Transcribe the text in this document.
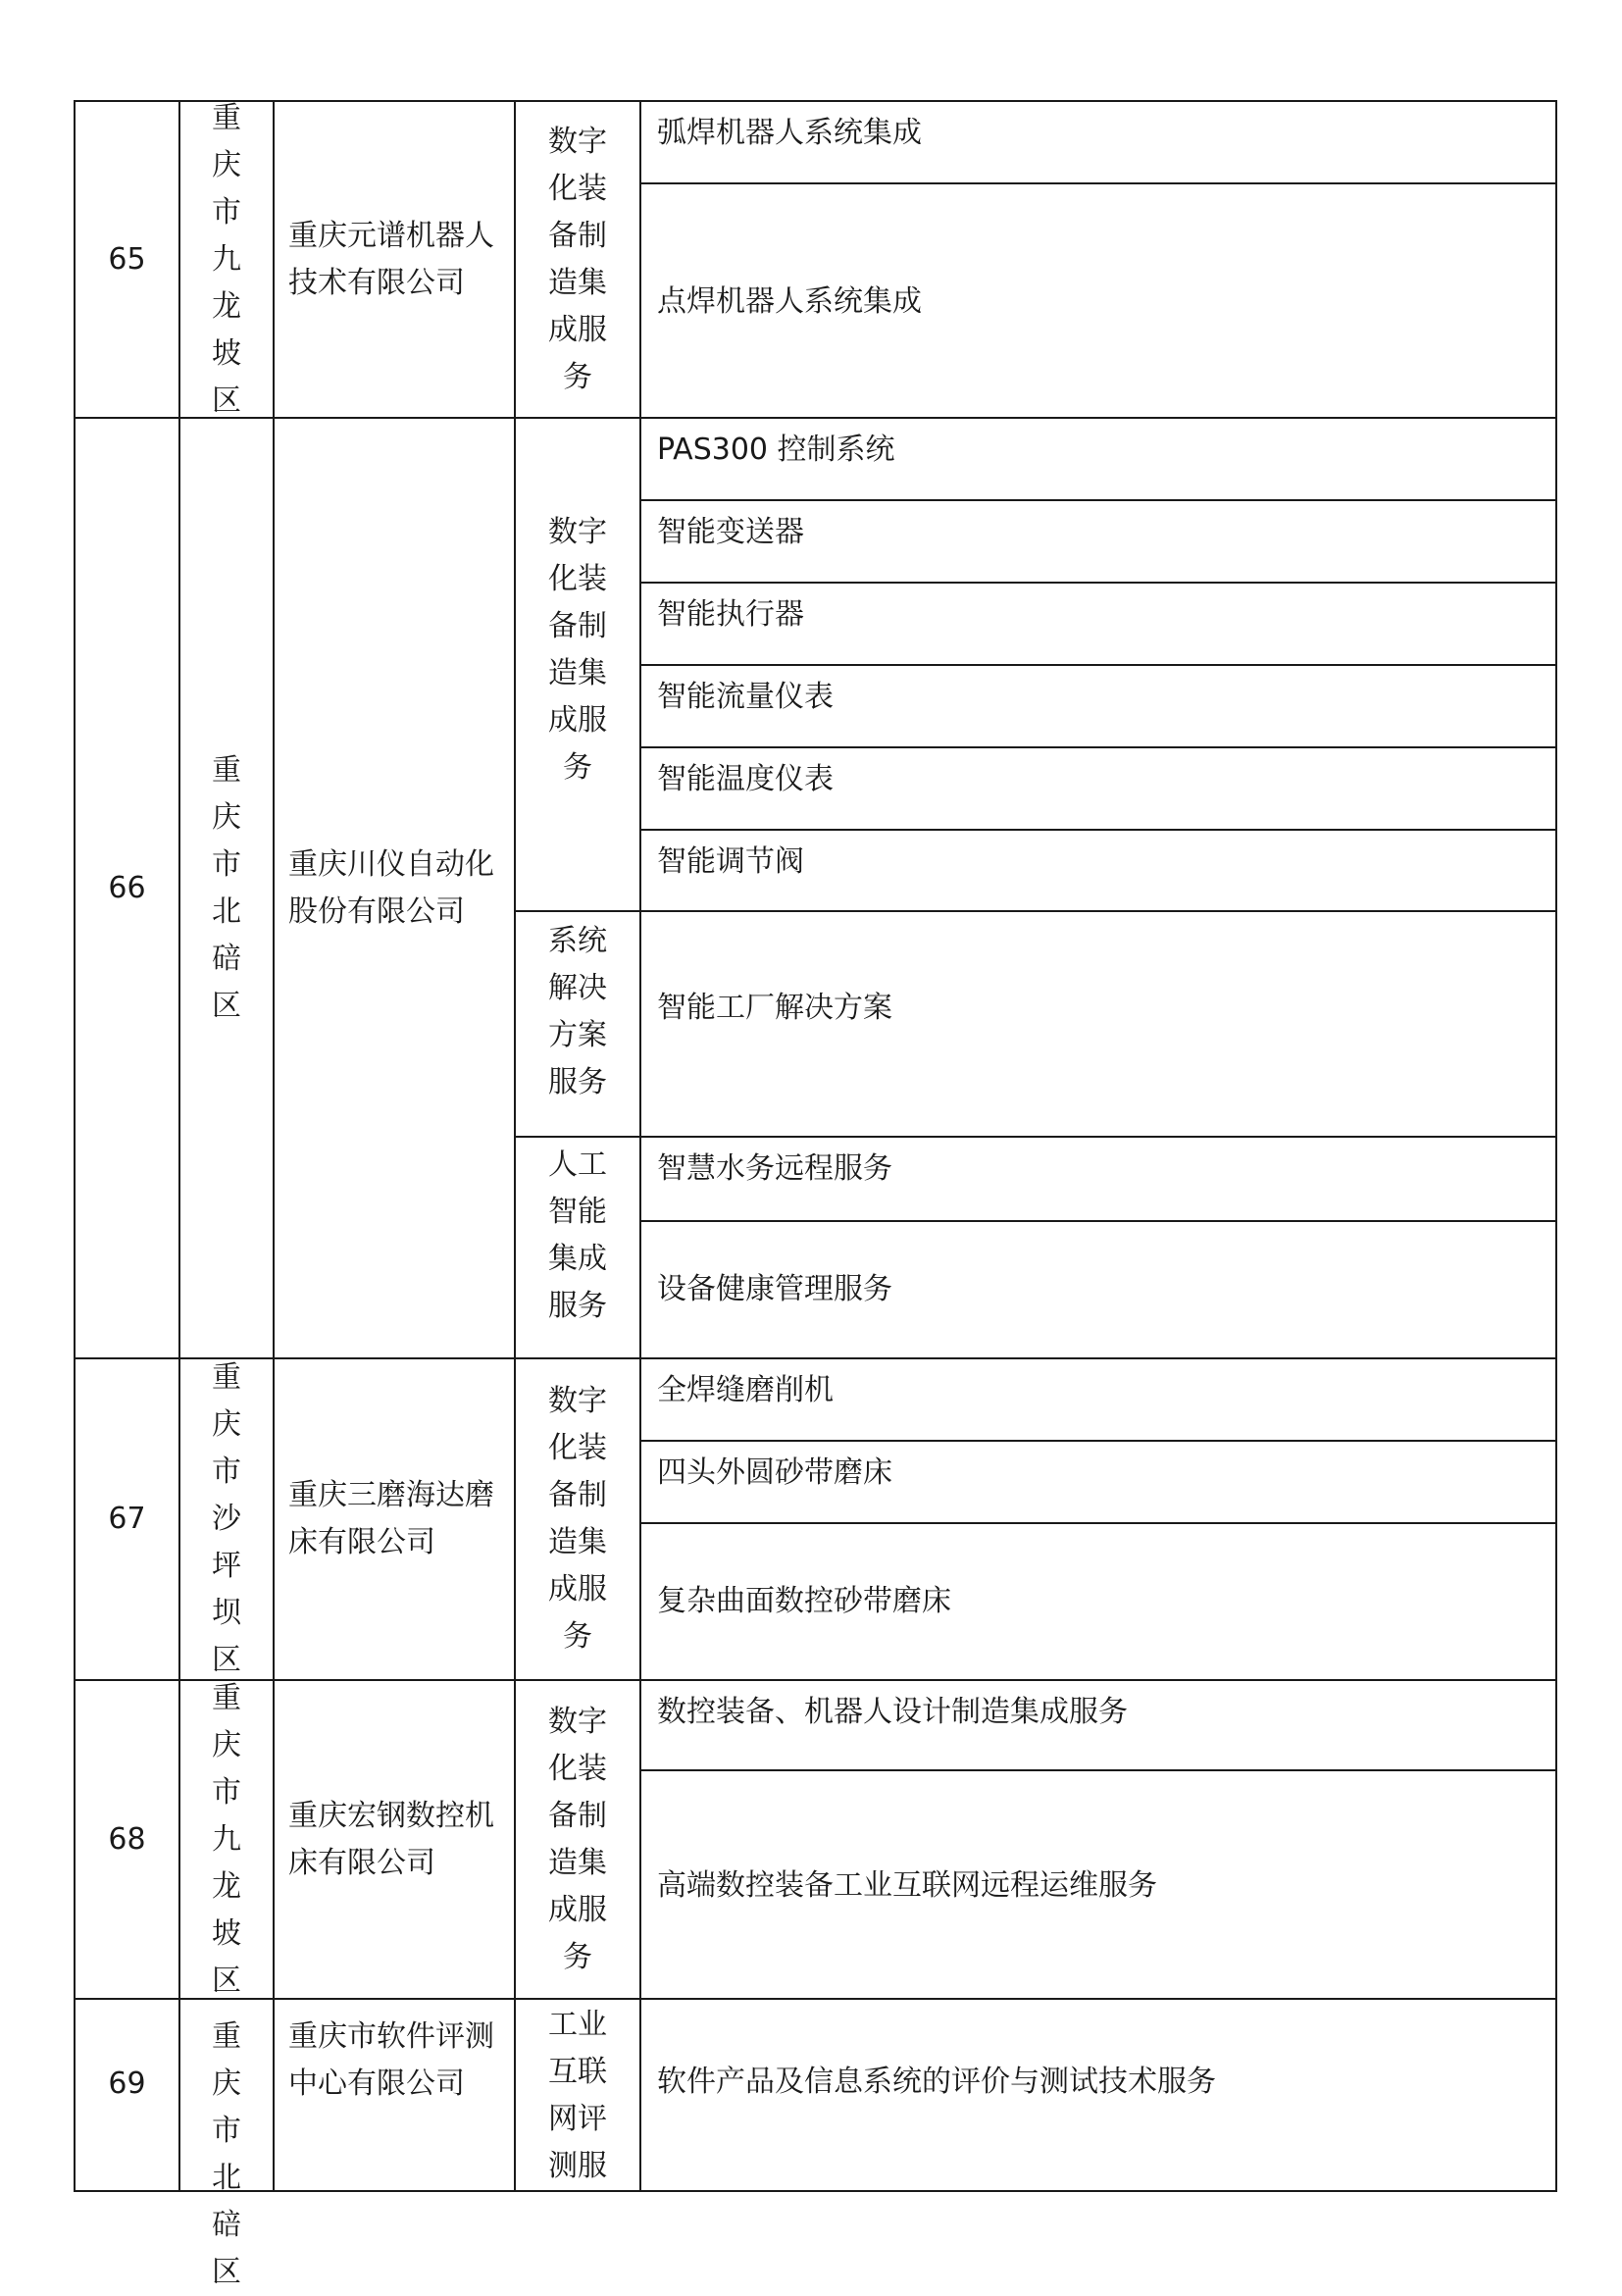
65
重庆市九龙坡区
重庆元谱机器人技术有限公司
数字化装备制造集成服务
弧焊机器人系统集成
点焊机器人系统集成
66
重庆市北碚区
重庆川仪自动化股份有限公司
数字化装备制造集成服务
PAS300 控制系统
智能变送器
智能执行器
智能流量仪表
智能温度仪表
智能调节阀
系统解决方案服务
智能工厂解决方案
人工智能集成服务
智慧水务远程服务
设备健康管理服务
67
重庆市沙坪坝区
重庆三磨海达磨床有限公司
数字化装备制造集成服务
全焊缝磨削机
四头外圆砂带磨床
复杂曲面数控砂带磨床
68
重庆市九龙坡区
重庆宏钢数控机床有限公司
数字化装备制造集成服务
数控装备、机器人设计制造集成服务
高端数控装备工业互联网远程运维服务
69
重庆市北碚区
重庆市软件评测中心有限公司
工业互联网评测服
软件产品及信息系统的评价与测试技术服务
